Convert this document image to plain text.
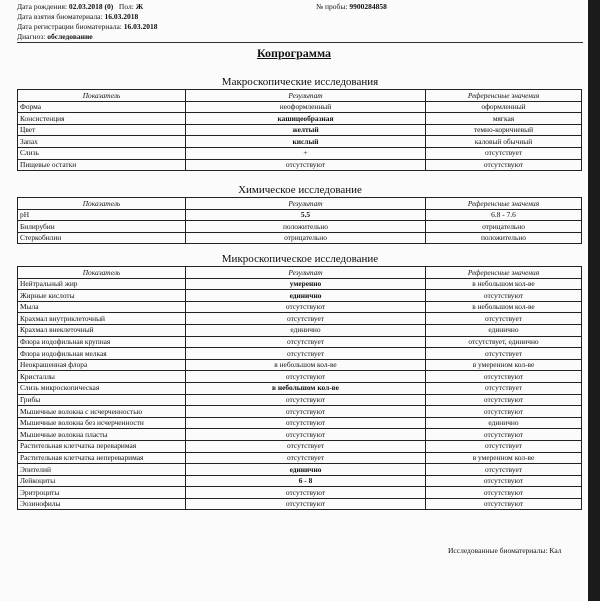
Дата рождения: 02.03.2018 (0) Пол: Ж	№ пробы: 9900284858
Дата взятия биоматериала: 16.03.2018
Дата регистрации биоматериала: 16.03.2018
Диагноз: обследование
Копрограмма
Макроскопические исследования
Показатель	Результат	Референсные значения
Форма	неоформленный	оформленный
Консистенция	кашицеобразная	мягкая
Цвет	желтый	темно-коричневый
Запах	кислый	каловый обычный
Слизь	+	отсутствует
Пищевые остатки	отсутствуют	отсутствуют
Химическое исследование
Показатель	Результат	Референсные значения
pH	5.5	6.8 - 7.6
Билирубин	положительно	отрицательно
Стеркобилин	отрицательно	положительно
Микроскопическое исследование
Показатель	Результат	Референсные значения
Нейтральный жир	умеренно	в небольшом кол-ве
Жирные кислоты	единично	отсутствуют
Мыла	отсутствуют	в небольшом кол-ве
Крахмал внутриклеточный	отсутствует	отсутствует
Крахмал внеклеточный	единично	единично
Флора иодофильная крупная	отсутствует	отсутствует, единично
Флора иодофильная мелкая	отсутствует	отсутствует
Неокрашенная флора	в небольшом кол-ве	в умеренном кол-ве
Кристаллы	отсутствуют	отсутствуют
Слизь микроскопическая	в небольшом кол-ве	отсутствует
Грибы	отсутствуют	отсутствуют
Мышечные волокна с исчерченностью	отсутствуют	отсутствуют
Мышечные волокна без исчерченности	отсутствуют	единично
Мышечные волокна пласты	отсутствуют	отсутствуют
Растительная клетчатка переваримая	отсутствует	отсутствует
Растительная клетчатка непереваримая	отсутствует	в умеренном кол-ве
Эпителий	единично	отсутствует
Лейкоциты	6 - 8	отсутствуют
Эритроциты	отсутствуют	отсутствуют
Эозинофилы	отсутствуют	отсутствуют
Исследованные биоматериалы: Кал
